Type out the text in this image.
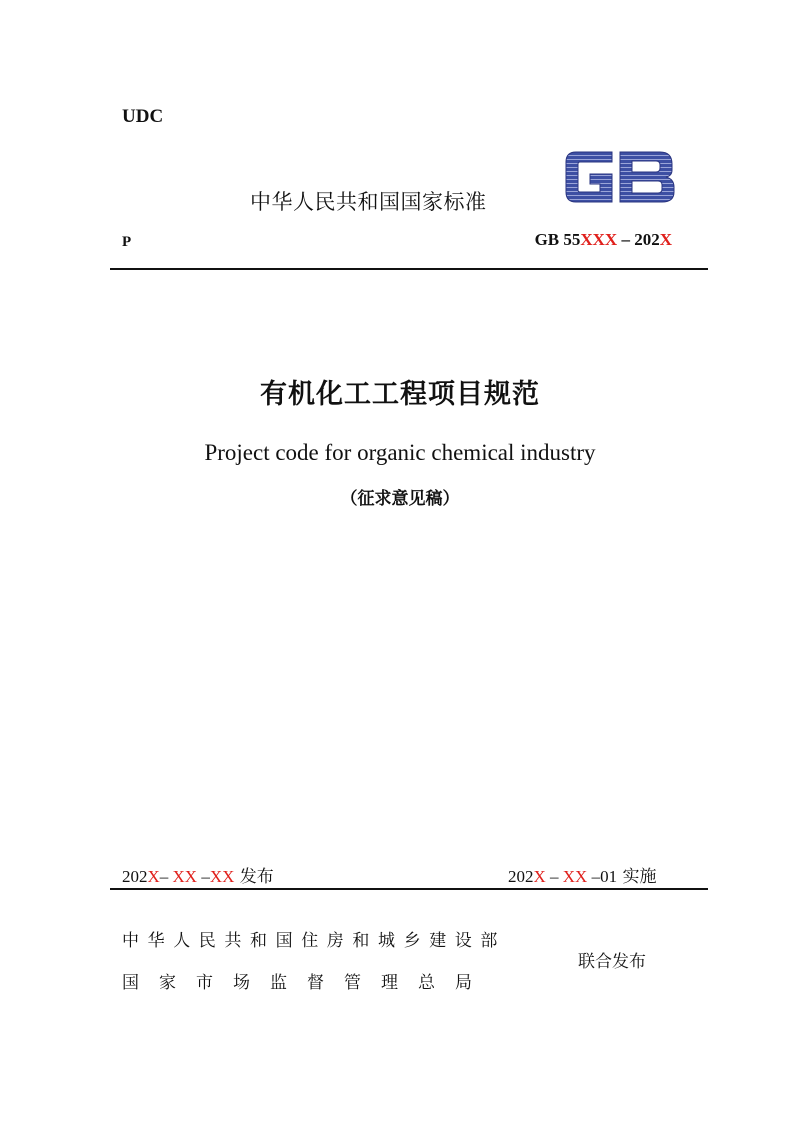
UDC
中华人民共和国国家标准
P	GB 55XXX – 202X
有机化工工程项目规范
Project code for organic chemical industry
（征求意见稿）
202X– XX –XX 发布	202X – XX –01 实施
中华人民共和国住房和城乡建设部
国家市场监督管理总局
联合发布
